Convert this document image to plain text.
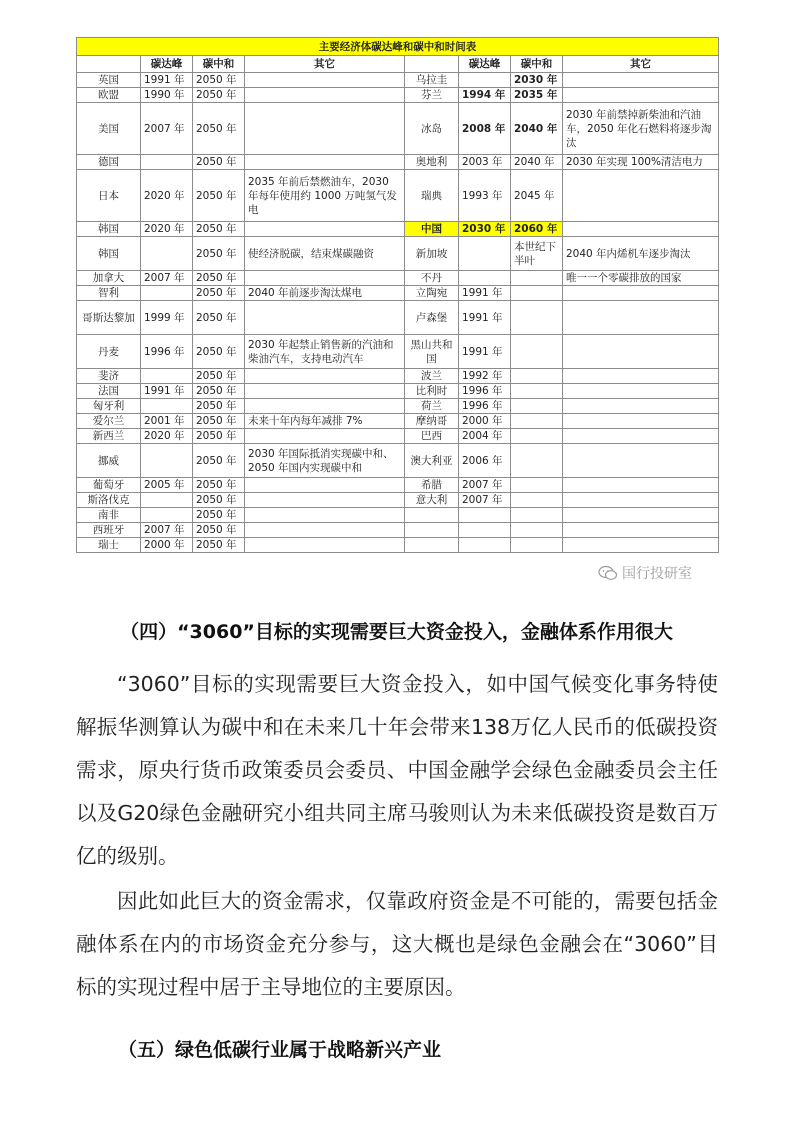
主要经济体碳达峰和碳中和时间表							
	碳达峰	碳中和	其它		碳达峰	碳中和	其它
英国	1991 年	2050 年		乌拉圭		2030 年	
欧盟	1990 年	2050 年		芬兰	1994 年	2035 年	
美国	2007 年	2050 年		冰岛	2008 年	2040 年	2030 年前禁掉新柴油和汽油车，2050 年化石燃料将逐步淘汰
德国		2050 年		奥地利	2003 年	2040 年	2030 年实现 100%清洁电力
日本	2020 年	2050 年	2035 年前后禁燃油车，2030 年每年使用约 1000 万吨氢气发电	瑞典	1993 年	2045 年	
韩国	2020 年	2050 年		中国	2030 年	2060 年	
韩国		2050 年	使经济脱碳，结束煤碳融资	新加坡		本世纪下半叶	2040 年内烯机车逐步淘汰
加拿大	2007 年	2050 年		不丹			唯一一个零碳排放的国家
智利		2050 年	2040 年前逐步淘汰煤电	立陶宛	1991 年		
哥斯达黎加	1999 年	2050 年		卢森堡	1991 年		
丹麦	1996 年	2050 年	2030 年起禁止销售新的汽油和柴油汽车，支持电动汽车	黑山共和国	1991 年		
斐济		2050 年		波兰	1992 年		
法国	1991 年	2050 年		比利时	1996 年		
匈牙利		2050 年		荷兰	1996 年		
爱尔兰	2001 年	2050 年	未来十年内每年减排 7%	摩纳哥	2000 年		
新西兰	2020 年	2050 年		巴西	2004 年		
挪威		2050 年	2030 年国际抵消实现碳中和、2050 年国内实现碳中和	澳大利亚	2006 年		
葡萄牙	2005 年	2050 年		希腊	2007 年		
斯洛伐克		2050 年		意大利	2007 年		
南非		2050 年					
西班牙	2007 年	2050 年					
瑞士	2000 年	2050 年					
国行投研室
（四）“3060”目标的实现需要巨大资金投入，金融体系作用很大

“3060”目标的实现需要巨大资金投入，如中国气候变化事务特使解振华测算认为碳中和在未来几十年会带来138万亿人民币的低碳投资需求，原央行货币政策委员会委员、中国金融学会绿色金融委员会主任以及G20绿色金融研究小组共同主席马骏则认为未来低碳投资是数百万亿的级别。

因此如此巨大的资金需求，仅靠政府资金是不可能的，需要包括金融体系在内的市场资金充分参与，这大概也是绿色金融会在“3060”目标的实现过程中居于主导地位的主要原因。

（五）绿色低碳行业属于战略新兴产业
